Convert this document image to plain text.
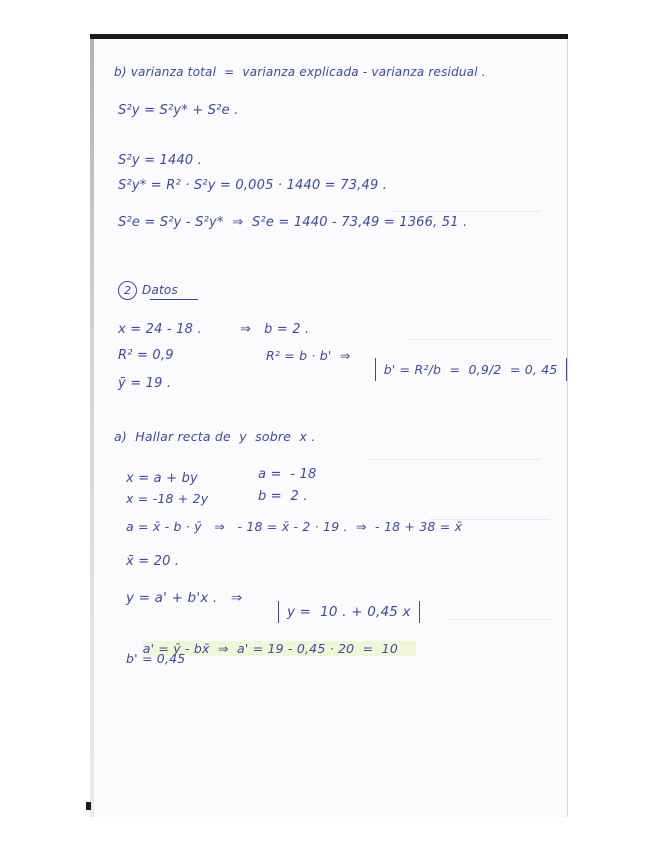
b) varianza total  =  varianza explicada - varianza residual .
S²y = S²y* + S²e .
S²y = 1440 .
S²y* = R² · S²y = 0,005 · 1440 = 73,49 .
S²e = S²y - S²y*  ⇒  S²e = 1440 - 73,49 = 1366, 51 .
2 Datos
x = 24 - 18 .	⇒   b = 2 .
R² = 0,9	R² = b · b'  ⇒

b' = R²/b  =  0,9/2  = 0, 45

ȳ = 19 .
a)  Hallar recta de  y  sobre  x .
x = a + by	a =  - 18
x = -18 + 2y	b =  2 .
a = x̄ - b · ȳ   ⇒   - 18 = x̄ - 2 · 19 .  ⇒  - 18 + 38 = x̄
x̄ = 20 .
y = a' + b'x .   ⇒

y =  10 . + 0,45 x

a' = ȳ - bx̄  ⇒  a' = 19 - 0,45 · 20  =  10

b' = 0,45
